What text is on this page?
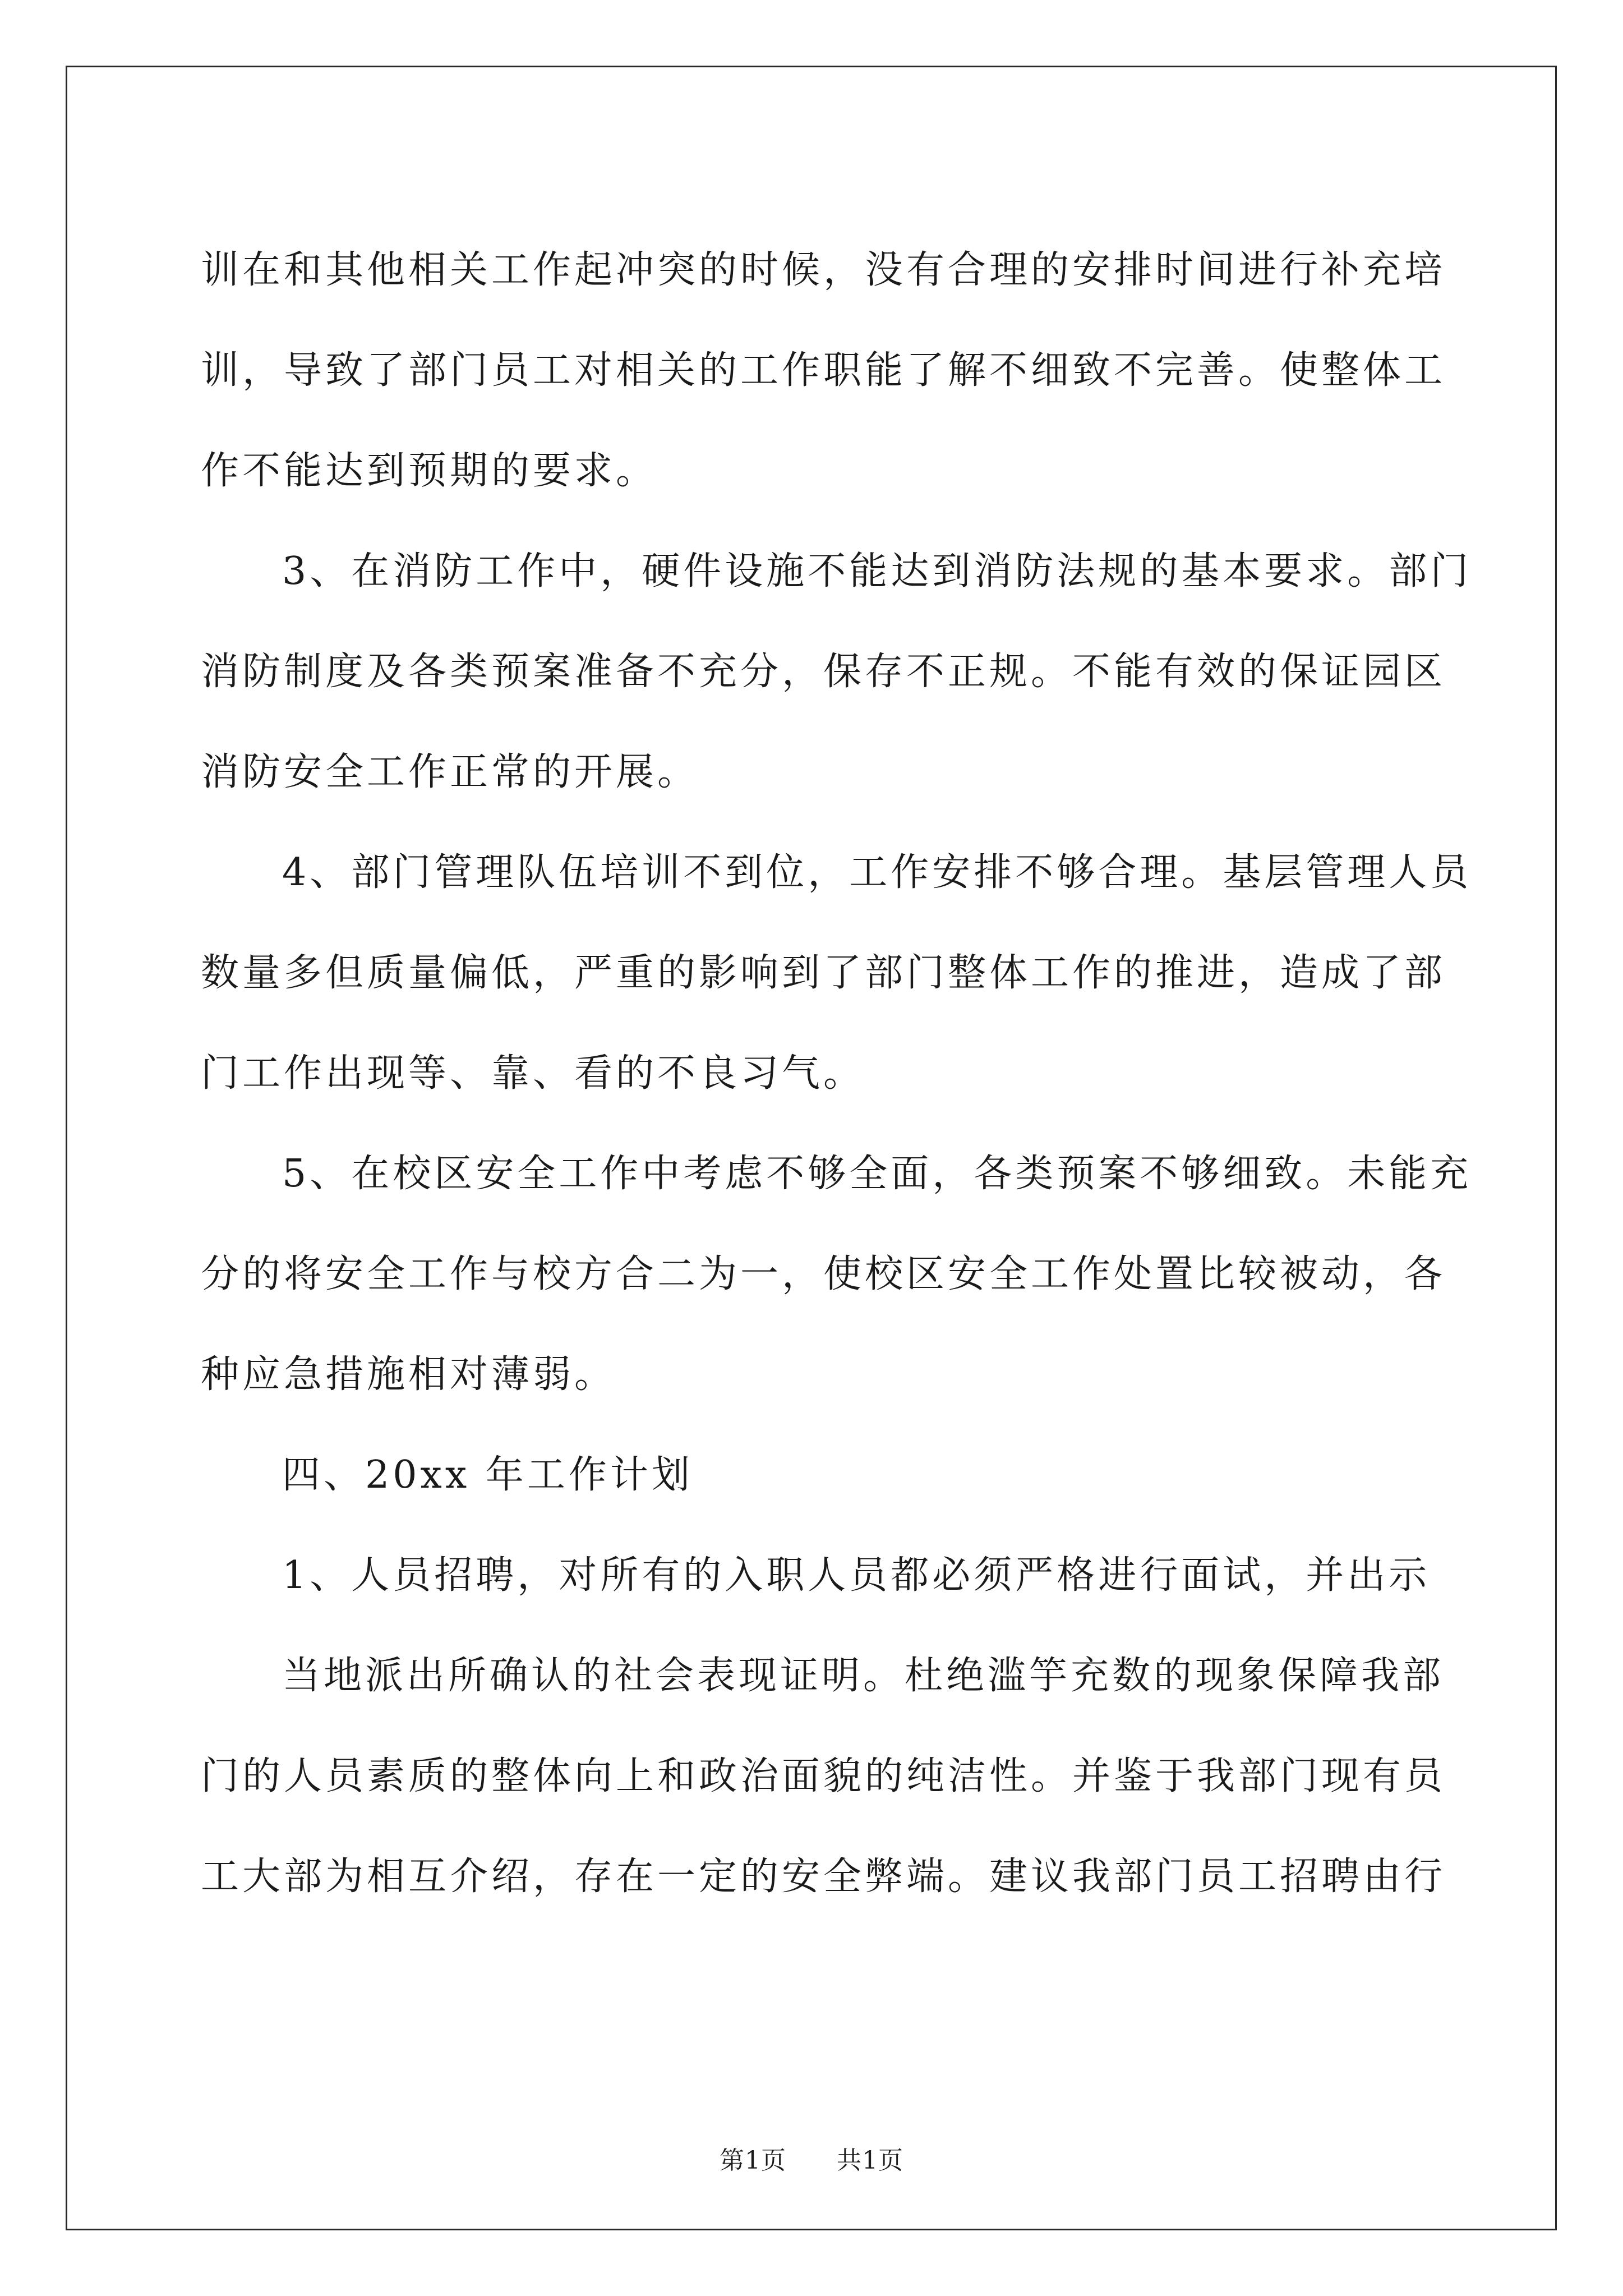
训在和其他相关工作起冲突的时候，没有合理的安排时间进行补充培
训，导致了部门员工对相关的工作职能了解不细致不完善。使整体工
作不能达到预期的要求。
3、在消防工作中，硬件设施不能达到消防法规的基本要求。部门
消防制度及各类预案准备不充分，保存不正规。不能有效的保证园区
消防安全工作正常的开展。
4、部门管理队伍培训不到位，工作安排不够合理。基层管理人员
数量多但质量偏低，严重的影响到了部门整体工作的推进，造成了部
门工作出现等、靠、看的不良习气。
5、在校区安全工作中考虑不够全面，各类预案不够细致。未能充
分的将安全工作与校方合二为一，使校区安全工作处置比较被动，各
种应急措施相对薄弱。
四、20xx 年工作计划
1、人员招聘，对所有的入职人员都必须严格进行面试，并出示
当地派出所确认的社会表现证明。杜绝滥竽充数的现象保障我部
门的人员素质的整体向上和政治面貌的纯洁性。并鉴于我部门现有员
工大部为相互介绍，存在一定的安全弊端。建议我部门员工招聘由行
第1页 共1页
